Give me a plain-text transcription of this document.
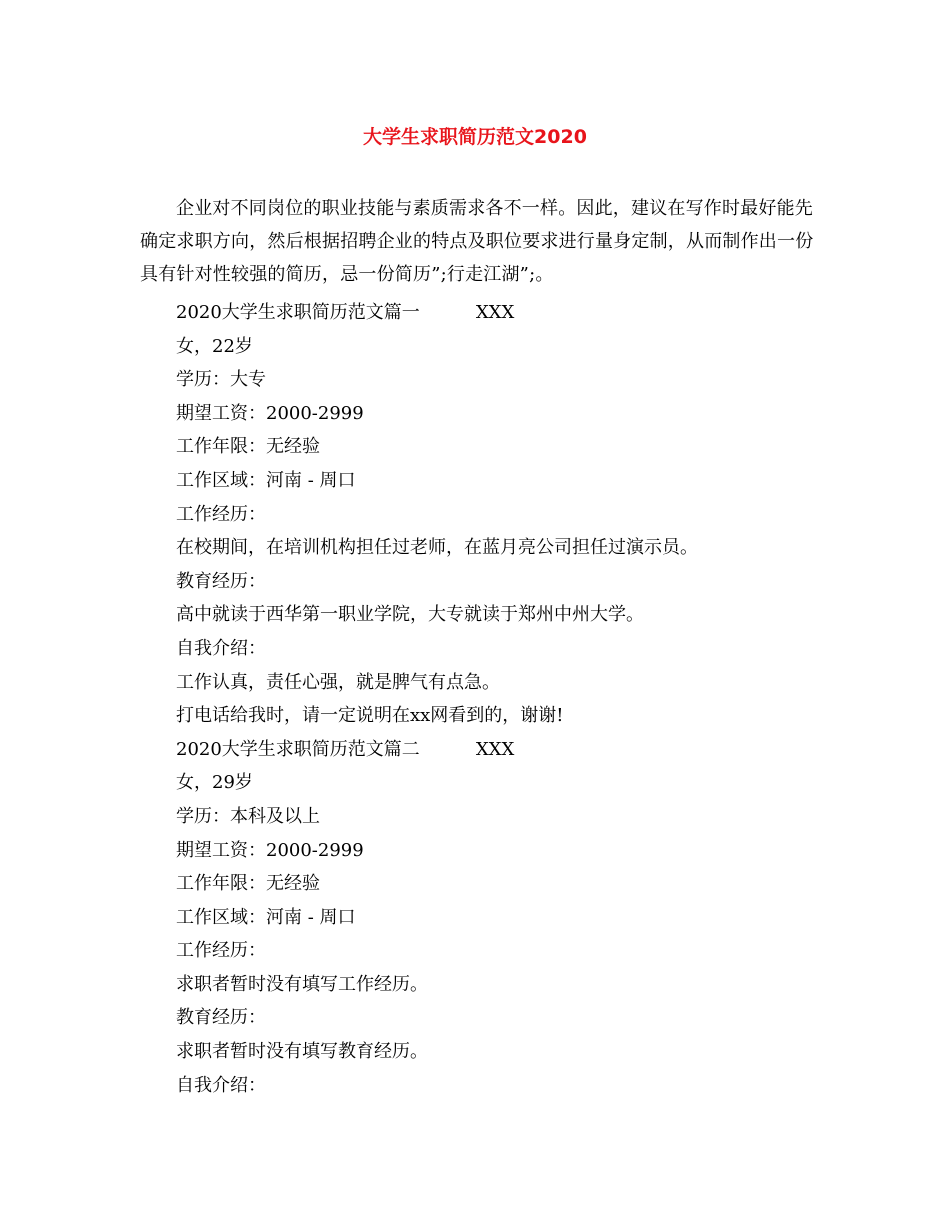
大学生求职简历范文2020

企业对不同岗位的职业技能与素质需求各不一样。因此，建议在写作时最好能先确定求职方向，然后根据招聘企业的特点及职位要求进行量身定制，从而制作出一份具有针对性较强的简历，忌一份简历”;行走江湖”;。

2020大学生求职简历范文篇一	XXX
女，22岁
学历：大专
期望工资：2000-2999
工作年限：无经验
工作区域：河南 - 周口
工作经历：
在校期间，在培训机构担任过老师，在蓝月亮公司担任过演示员。
教育经历：
高中就读于西华第一职业学院，大专就读于郑州中州大学。
自我介绍：
工作认真，责任心强，就是脾气有点急。
打电话给我时，请一定说明在xx网看到的，谢谢!
2020大学生求职简历范文篇二	XXX
女，29岁
学历：本科及以上
期望工资：2000-2999
工作年限：无经验
工作区域：河南 - 周口
工作经历：
求职者暂时没有填写工作经历。
教育经历：
求职者暂时没有填写教育经历。
自我介绍：
